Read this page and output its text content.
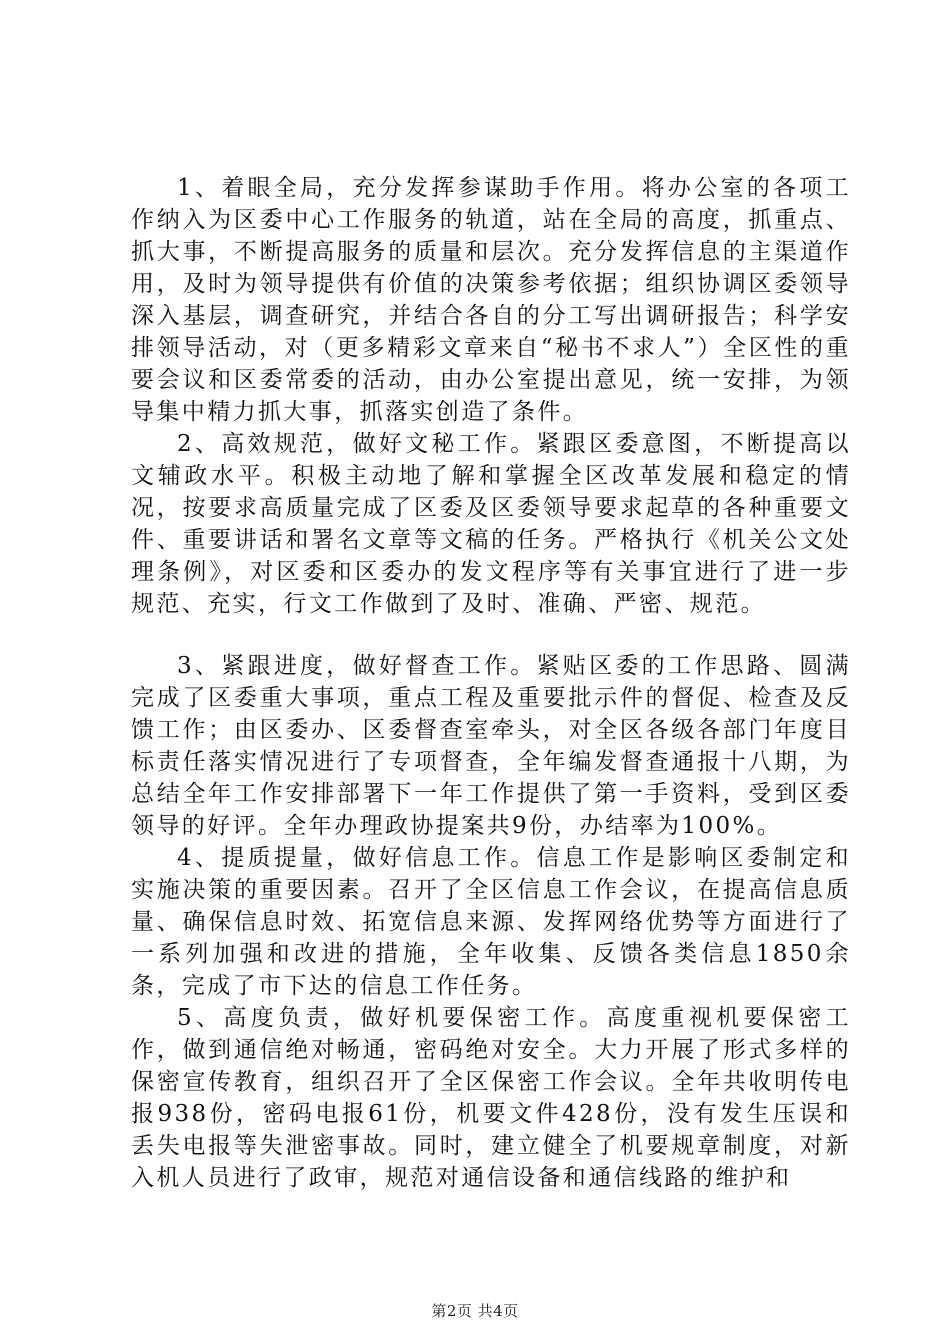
1、着眼全局，充分发挥参谋助手作用。将办公室的各项工作纳入为区委中心工作服务的轨道，站在全局的高度，抓重点、抓大事，不断提高服务的质量和层次。充分发挥信息的主渠道作用，及时为领导提供有价值的决策参考依据；组织协调区委领导深入基层，调查研究，并结合各自的分工写出调研报告；科学安排领导活动，对（更多精彩文章来自“秘书不求人”）全区性的重要会议和区委常委的活动，由办公室提出意见，统一安排，为领导集中精力抓大事，抓落实创造了条件。

2、高效规范，做好文秘工作。紧跟区委意图，不断提高以文辅政水平。积极主动地了解和掌握全区改革发展和稳定的情况，按要求高质量完成了区委及区委领导要求起草的各种重要文件、重要讲话和署名文章等文稿的任务。严格执行《机关公文处理条例》，对区委和区委办的发文程序等有关事宜进行了进一步规范、充实，行文工作做到了及时、准确、严密、规范。

3、紧跟进度，做好督查工作。紧贴区委的工作思路、圆满完成了区委重大事项，重点工程及重要批示件的督促、检查及反馈工作；由区委办、区委督查室牵头，对全区各级各部门年度目标责任落实情况进行了专项督查，全年编发督查通报十八期，为总结全年工作安排部署下一年工作提供了第一手资料，受到区委领导的好评。全年办理政协提案共9份，办结率为100%。

4、提质提量，做好信息工作。信息工作是影响区委制定和实施决策的重要因素。召开了全区信息工作会议，在提高信息质量、确保信息时效、拓宽信息来源、发挥网络优势等方面进行了一系列加强和改进的措施，全年收集、反馈各类信息1850余条，完成了市下达的信息工作任务。

5、高度负责，做好机要保密工作。高度重视机要保密工作，做到通信绝对畅通，密码绝对安全。大力开展了形式多样的保密宣传教育，组织召开了全区保密工作会议。全年共收明传电报938份，密码电报61份，机要文件428份，没有发生压误和丢失电报等失泄密事故。同时，建立健全了机要规章制度，对新入机人员进行了政审，规范对通信设备和通信线路的维护和

第2页 共4页
